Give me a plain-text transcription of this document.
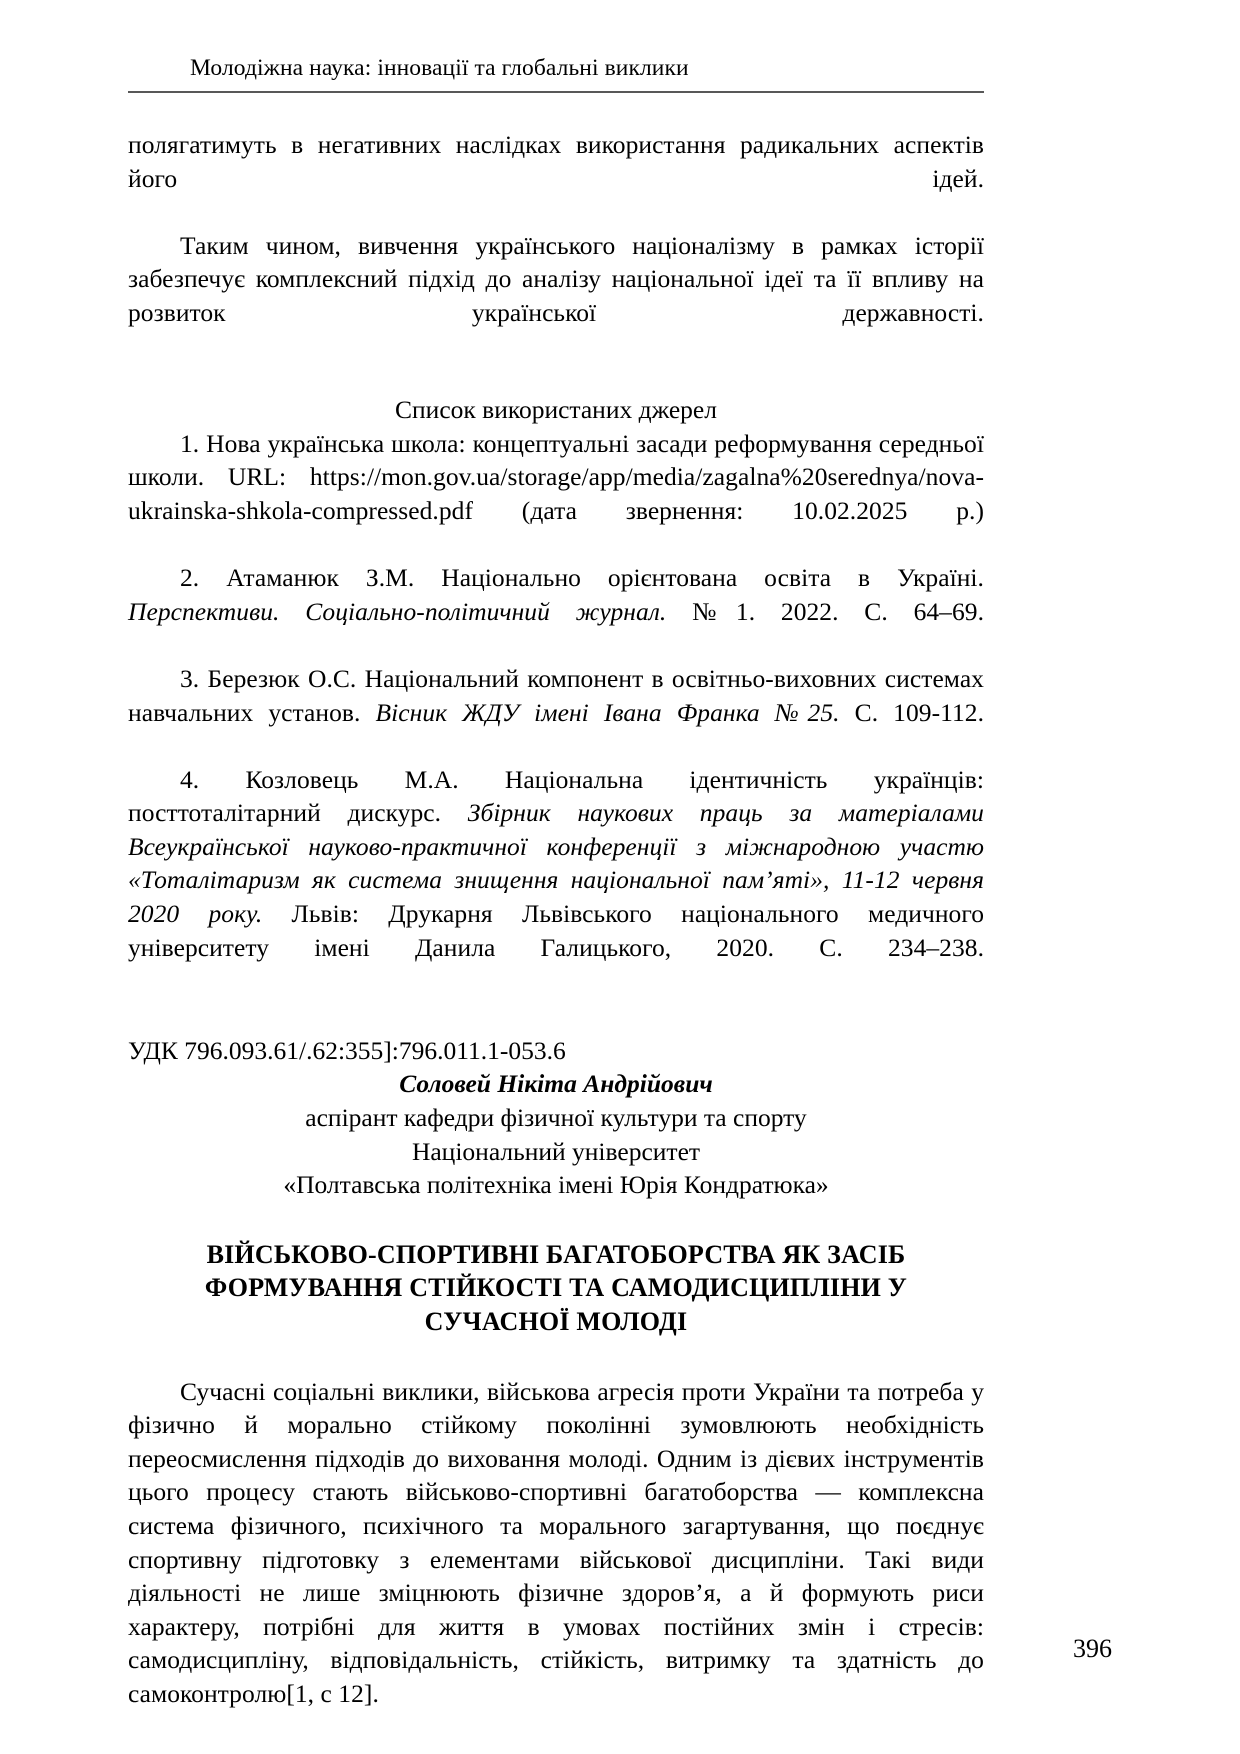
Молодіжна наука: інновації та глобальні виклики

полягатимуть в негативних наслідках використання радикальних аспектів його ідей.

Таким чином, вивчення українського націоналізму в рамках історії забезпечує комплексний підхід до аналізу національної ідеї та її впливу на розвиток української державності.

Список використаних джерел

1. Нова українська школа: концептуальні засади реформування середньої школи. URL: https://mon.gov.ua/storage/app/media/zagalna%20serednya/nova-ukrainska-shkola-compressed.pdf (дата звернення: 10.02.2025 р.)

2. Атаманюк З.М. Національно орієнтована освіта в Україні. Перспективи. Соціально-політичний журнал. №1. 2022. С. 64–69.

3. Березюк О.С. Національний компонент в освітньо-виховних системах навчальних установ. Вісник ЖДУ імені Івана Франка №25. С. 109-112.

4. Козловець М.А. Національна ідентичність українців: посттоталітарний дискурс. Збірник наукових праць за матеріалами Всеукраїнської науково-практичної конференції з міжнародною участю «Тоталітаризм як система знищення національної пам’яті», 11-12 червня 2020 року. Львів: Друкарня Львівського національного медичного університету імені Данила Галицького, 2020. С. 234–238.

УДК 796.093.61/.62:355]:796.011.1-053.6
Соловей Нікіта Андрійович
аспірант кафедри фізичної культури та спорту
Національний університет
«Полтавська політехніка імені Юрія Кондратюка»
ВІЙСЬКОВО-СПОРТИВНІ БАГАТОБОРСТВА ЯК ЗАСІБ
ФОРМУВАННЯ СТІЙКОСТІ ТА САМОДИСЦИПЛІНИ У
СУЧАСНОЇ МОЛОДІ

Сучасні соціальні виклики, військова агресія проти України та потреба у фізично й морально стійкому поколінні зумовлюють необхідність переосмислення підходів до виховання молоді. Одним із дієвих інструментів цього процесу стають військово-спортивні багатоборства — комплексна система фізичного, психічного та морального загартування, що поєднує спортивну підготовку з елементами військової дисципліни. Такі види діяльності не лише зміцнюють фізичне здоров’я, а й формують риси характеру, потрібні для життя в умовах постійних змін і стресів: самодисципліну, відповідальність, стійкість, витримку та здатність до самоконтролю[1, с 12].

396
